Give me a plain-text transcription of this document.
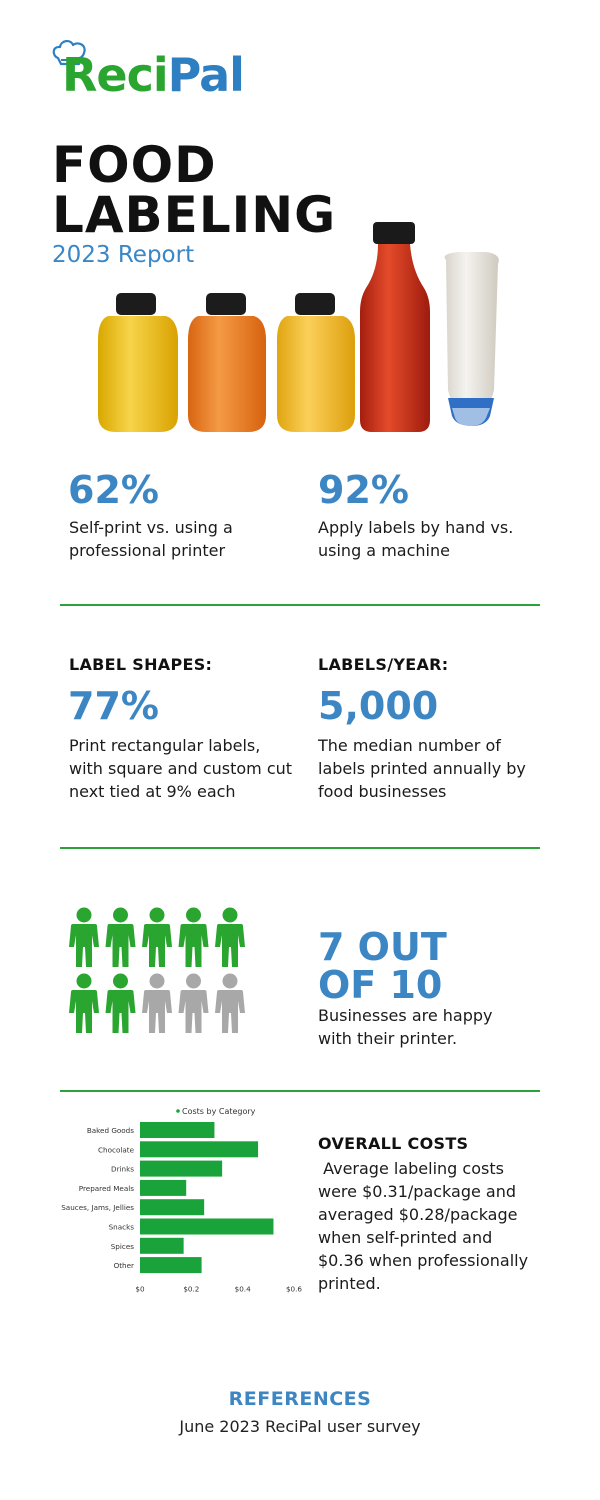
ReciPal
FOOD
LABELING
2023 Report
62%
Self-print vs. using a professional printer
92%
Apply labels by hand vs. using a machine
LABEL SHAPES:
77%
Print rectangular labels, with square and custom cut next tied at 9% each
LABELS/YEAR:
5,000
The median number of labels printed annually by food businesses
7 OUT OF 10
Businesses are happy with their printer.
Costs by Category
Baked Goods
Chocolate
Drinks
Prepared Meals
Sauces, Jams, Jellies
Snacks
Spices
Other
$0	$0.2	$0.4	$0.6
OVERALL COSTS
Average labeling costs were $0.31/package and averaged $0.28/package when self-printed and $0.36 when professionally printed.
REFERENCES
June 2023 ReciPal user survey
